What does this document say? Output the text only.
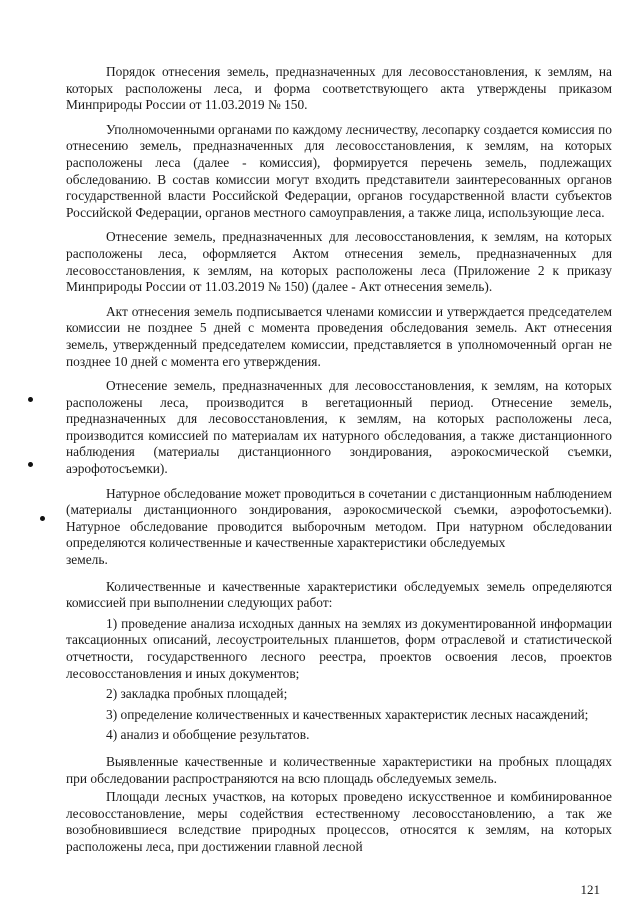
Порядок отнесения земель, предназначенных для лесовосстановления, к землям, на которых расположены леса, и форма соответствующего акта утверждены приказом Минприроды России от 11.03.2019 № 150.

Уполномоченными органами по каждому лесничеству, лесопарку создается комиссия по отнесению земель, предназначенных для лесовосстановления, к землям, на которых расположены леса (далее - комиссия), формируется перечень земель, подлежащих обследованию. В состав комиссии могут входить представители заинтересованных органов государственной власти Российской Федерации, органов государственной власти субъектов Российской Федерации, органов местного самоуправления, а также лица, использующие леса.

Отнесение земель, предназначенных для лесовосстановления, к землям, на которых расположены леса, оформляется Актом отнесения земель, предназначенных для лесовосстановления, к землям, на которых расположены леса (Приложение 2 к приказу Минприроды России от 11.03.2019 № 150) (далее - Акт отнесения земель).

Акт отнесения земель подписывается членами комиссии и утверждается председателем комиссии не позднее 5 дней с момента проведения обследования земель. Акт отнесения земель, утвержденный председателем комиссии, представляется в уполномоченный орган не позднее 10 дней с момента его утверждения.

Отнесение земель, предназначенных для лесовосстановления, к землям, на которых расположены леса, производится в вегетационный период. Отнесение земель, предназначенных для лесовосстановления, к землям, на которых расположены леса, производится комиссией по материалам их натурного обследования, а также дистанционного наблюдения (материалы дистанционного зондирования, аэрокосмической съемки, аэрофотосъемки).

Натурное обследование может проводиться в сочетании с дистанционным наблюдением (материалы дистанционного зондирования, аэрокосмической съемки, аэрофотосъемки). Натурное обследование проводится выборочным методом. При натурном обследовании определяются количественные и качественные характеристики обследуемых

земель.

Количественные и качественные характеристики обследуемых земель определяются комиссией при выполнении следующих работ:

1) проведение анализа исходных данных на землях из документированной информации таксационных описаний, лесоустроительных планшетов, форм отраслевой и статистической отчетности, государственного лесного реестра, проектов освоения лесов, проектов лесовосстановления и иных документов;

2) закладка пробных площадей;

3) определение количественных и качественных характеристик лесных насаждений;

4) анализ и обобщение результатов.

Выявленные качественные и количественные характеристики на пробных площадях при обследовании распространяются на всю площадь обследуемых земель.

Площади лесных участков, на которых проведено искусственное и комбинированное лесовосстановление, меры содействия естественному лесовосстановлению, а так же возобновившиеся вследствие природных процессов, относятся к землям, на которых расположены леса, при достижении главной лесной

121
